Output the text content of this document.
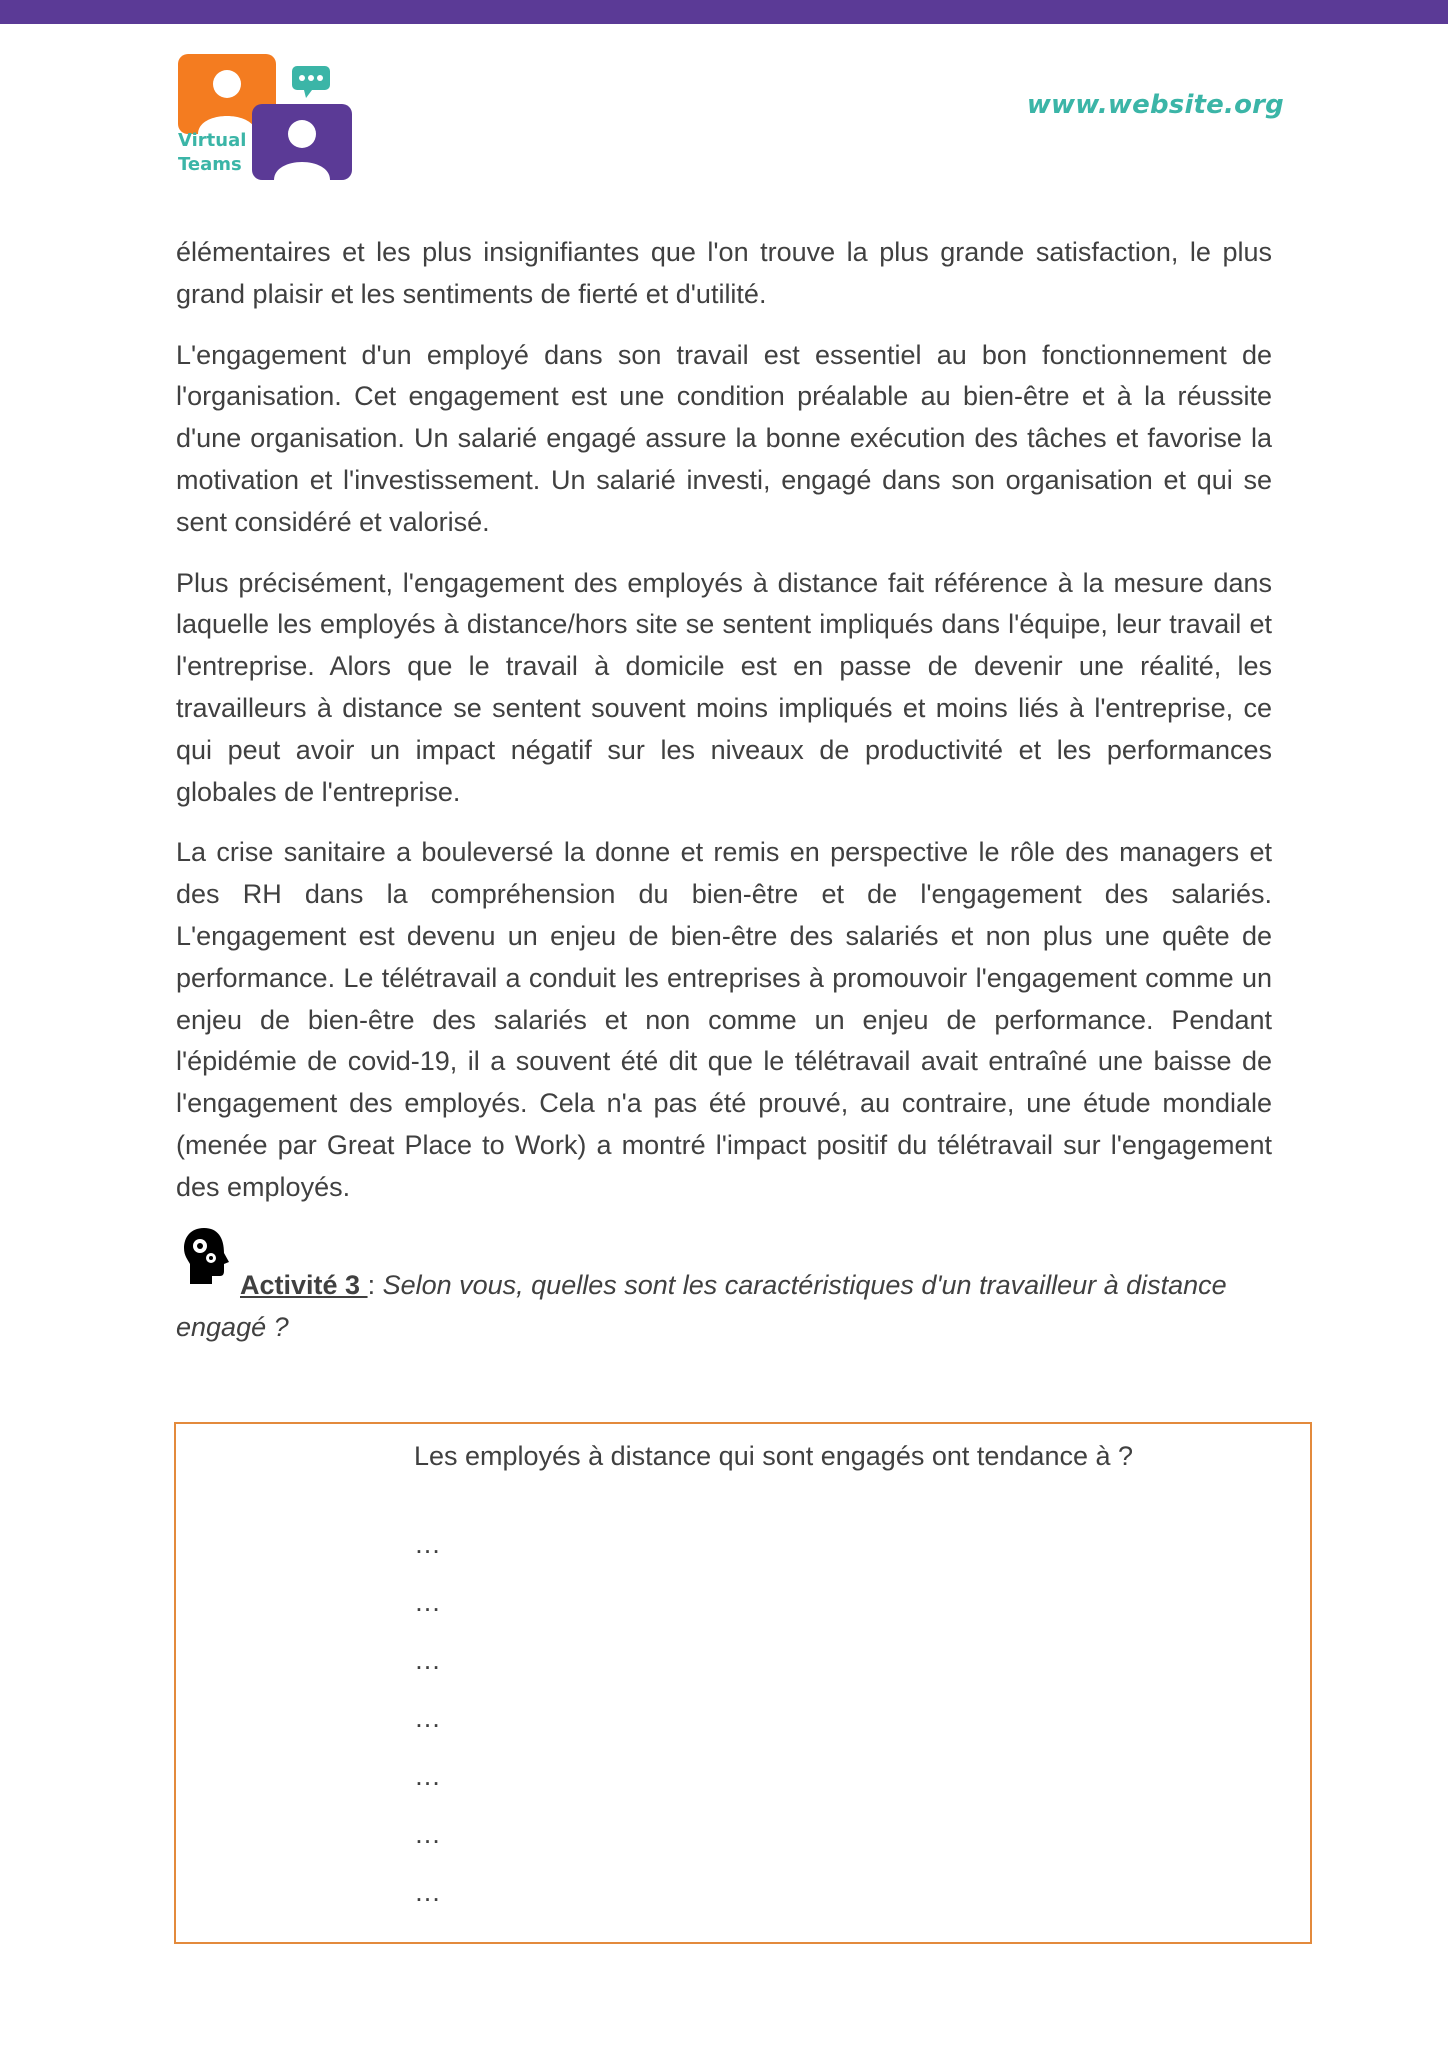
Virtual
Teams
www.website.org

élémentaires et les plus insignifiantes que l'on trouve la plus grande satisfaction, le plus grand plaisir et les sentiments de fierté et d'utilité.

L'engagement d'un employé dans son travail est essentiel au bon fonctionnement de l'organisation. Cet engagement est une condition préalable au bien-être et à la réussite d'une organisation. Un salarié engagé assure la bonne exécution des tâches et favorise la motivation et l'investissement. Un salarié investi, engagé dans son organisation et qui se sent considéré et valorisé.

Plus précisément, l'engagement des employés à distance fait référence à la mesure dans laquelle les employés à distance/hors site se sentent impliqués dans l'équipe, leur travail et l'entreprise. Alors que le travail à domicile est en passe de devenir une réalité, les travailleurs à distance se sentent souvent moins impliqués et moins liés à l'entreprise, ce qui peut avoir un impact négatif sur les niveaux de productivité et les performances globales de l'entreprise.

La crise sanitaire a bouleversé la donne et remis en perspective le rôle des managers et des RH dans la compréhension du bien-être et de l'engagement des salariés. L'engagement est devenu un enjeu de bien-être des salariés et non plus une quête de performance. Le télétravail a conduit les entreprises à promouvoir l'engagement comme un enjeu de bien-être des salariés et non comme un enjeu de performance. Pendant l'épidémie de covid-19, il a souvent été dit que le télétravail avait entraîné une baisse de l'engagement des employés. Cela n'a pas été prouvé, au contraire, une étude mondiale (menée par Great Place to Work) a montré l'impact positif du télétravail sur l'engagement des employés.

Activité 3 : Selon vous, quelles sont les caractéristiques d'un travailleur à distance engagé ?

Les employés à distance qui sont engagés ont tendance à ?
…
…
…
…
…
…
…
